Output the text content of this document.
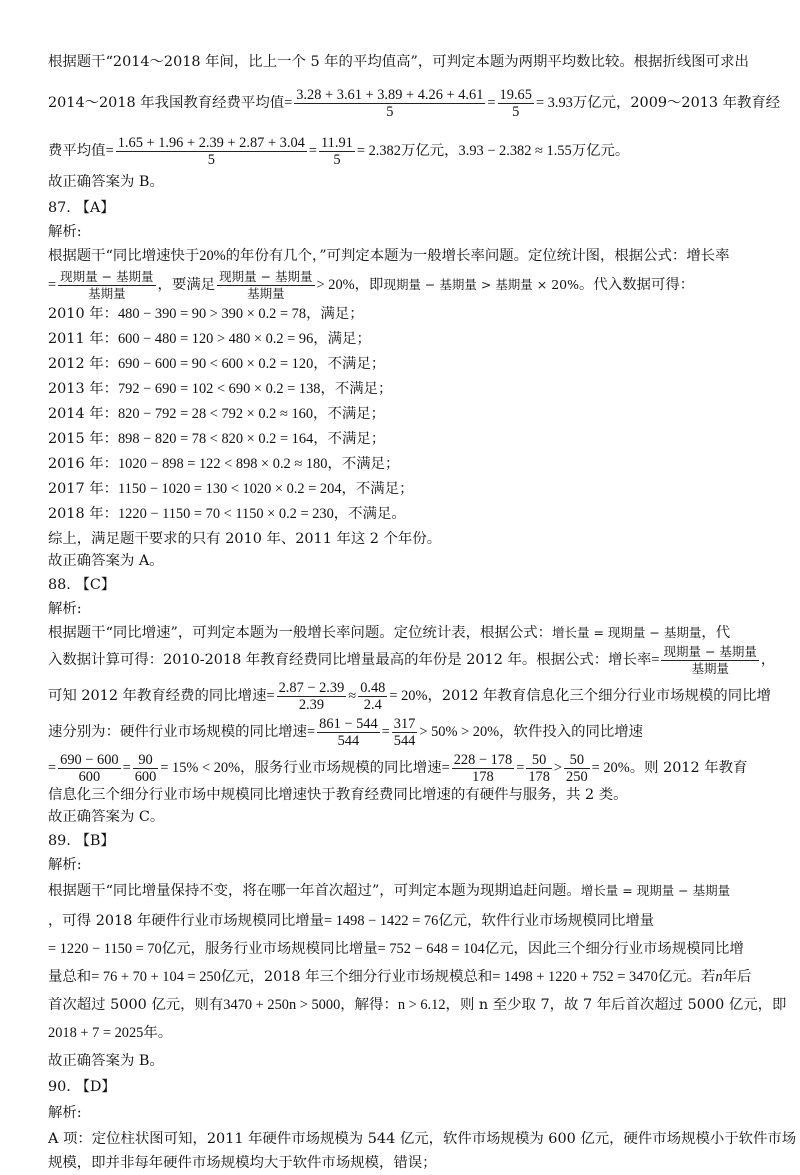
根据题干“2014～2018 年间，比上一个 5 年的平均值高”，可判定本题为两期平均数比较。根据折线图可求出
2014～2018 年我国教育经费平均值= $\frac{3.28 + 3.61 + 3.89 + 4.26 + 4.61}{5} = \frac{19.65}{5} = 3.93$万亿元，2009～2013 年教育经
费平均值= $\frac{1.65 + 1.96 + 2.39 + 2.87 + 3.04}{5} = \frac{11.91}{5} = 2.382$万亿元，3.93 − 2.382 ≈ 1.55万亿元。
故正确答案为 B。
87. 【A】
解析:
根据题干“同比增速快于20%的年份有几个，”可判定本题为一般增长率问题。定位统计图，根据公式：增长率
= $\frac{\text{现期量 − 基期量}}{\text{基期量}}$ ，要满足 $\frac{\text{现期量 − 基期量}}{\text{基期量}} > 20\%$，即现期量 − 基期量 > 基期量 × 20%。代入数据可得：
2010 年：480 − 390 = 90 > 390 × 0.2 = 78，满足；
2011 年：600 − 480 = 120 > 480 × 0.2 = 96，满足；
2012 年：690 − 600 = 90 < 600 × 0.2 = 120，不满足；
2013 年：792 − 690 = 102 < 690 × 0.2 = 138，不满足；
2014 年：820 − 792 = 28 < 792 × 0.2 ≈ 160，不满足；
2015 年：898 − 820 = 78 < 820 × 0.2 = 164，不满足；
2016 年：1020 − 898 = 122 < 898 × 0.2 ≈ 180，不满足；
2017 年：1150 − 1020 = 130 < 1020 × 0.2 = 204，不满足；
2018 年：1220 − 1150 = 70 < 1150 × 0.2 = 230，不满足。
综上，满足题干要求的只有 2010 年、2011 年这 2 个年份。
故正确答案为 A。
88. 【C】
解析:
根据题干“同比增速”，可判定本题为一般增长率问题。定位统计表，根据公式：增长量 = 现期量 − 基期量，代
入数据计算可得：2010-2018 年教育经费同比增量最高的年份是 2012 年。根据公式：增长率= $\frac{\text{现期量 − 基期量}}{\text{基期量}}$ ，
可知 2012 年教育经费的同比增速= $\frac{2.87 - 2.39}{2.39} \approx \frac{0.48}{2.4} = 20\%$，2012 年教育信息化三个细分行业市场规模的同比增
速分别为：硬件行业市场规模的同比增速= $\frac{861 - 544}{544} = \frac{317}{544} > 50\% > 20\%$，软件投入的同比增速
= $\frac{690 - 600}{600} = \frac{90}{600} = 15\% < 20\%$，服务行业市场规模的同比增速= $\frac{228 - 178}{178} = \frac{50}{178} > \frac{50}{250} = 20\%$。则 2012 年教育
信息化三个细分行业市场中规模同比增速快于教育经费同比增速的有硬件与服务，共 2 类。
故正确答案为 C。
89. 【B】
解析:
根据题干“同比增量保持不变，将在哪一年首次超过”，可判定本题为现期追赶问题。增长量 = 现期量 − 基期量
，可得 2018 年硬件行业市场规模同比增量= 1498 − 1422 = 76亿元，软件行业市场规模同比增量
= 1220 − 1150 = 70亿元，服务行业市场规模同比增量= 752 − 648 = 104亿元，因此三个细分行业市场规模同比增
量总和= 76 + 70 + 104 = 250亿元，2018 年三个细分行业市场规模总和= 1498 + 1220 + 752 = 3470亿元。若n年后
首次超过 5000 亿元，则有3470 + 250n > 5000，解得：n > 6.12，则 n 至少取 7，故 7 年后首次超过 5000 亿元，即
2018 + 7 = 2025年。
故正确答案为 B。
90. 【D】
解析:
A 项：定位柱状图可知，2011 年硬件市场规模为 544 亿元，软件市场规模为 600 亿元，硬件市场规模小于软件市场
规模，即并非每年硬件市场规模均大于软件市场规模，错误；
